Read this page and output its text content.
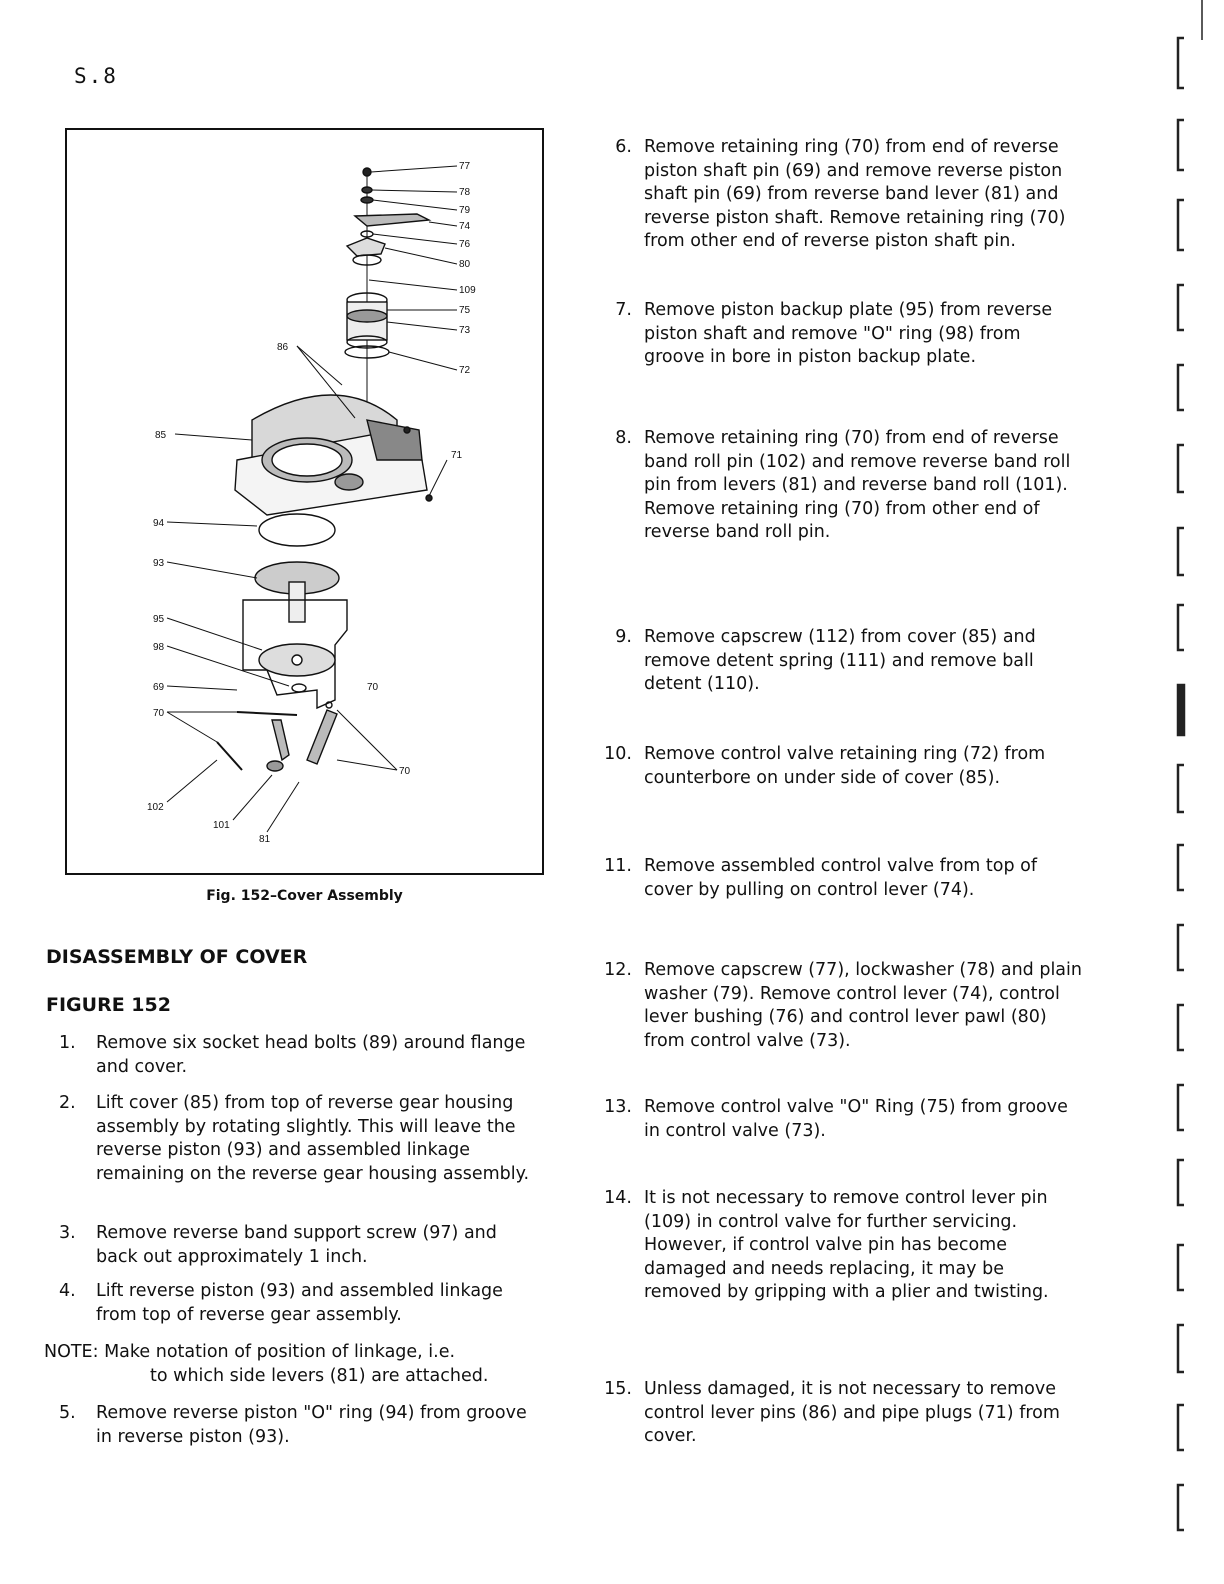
S.8
77
78
79
74
76
80
109
75
73
72
86
85
71
94
93
95
98
69
70
70
102
101
81
70
Fig. 152–Cover Assembly
DISASSEMBLY OF COVER
FIGURE 152
1. Remove six socket head bolts (89) around flange and cover.
2. Lift cover (85) from top of reverse gear housing assembly by rotating slightly. This will leave the reverse piston (93) and assembled linkage remaining on the reverse gear housing assembly.
3. Remove reverse band support screw (97) and back out approximately 1 inch.
4. Lift reverse piston (93) and assembled linkage from top of reverse gear assembly.
NOTE: Make notation of position of linkage, i.e.
to which side levers (81) are attached.
5. Remove reverse piston "O" ring (94) from groove in reverse piston (93).
6. Remove retaining ring (70) from end of reverse piston shaft pin (69) and remove reverse piston shaft pin (69) from reverse band lever (81) and reverse piston shaft. Remove retaining ring (70) from other end of reverse piston shaft pin.
7. Remove piston backup plate (95) from reverse piston shaft and remove "O" ring (98) from groove in bore in piston backup plate.
8. Remove retaining ring (70) from end of reverse band roll pin (102) and remove reverse band roll pin from levers (81) and reverse band roll (101). Remove retaining ring (70) from other end of reverse band roll pin.
9. Remove capscrew (112) from cover (85) and remove detent spring (111) and remove ball detent (110).
10. Remove control valve retaining ring (72) from counterbore on under side of cover (85).
11. Remove assembled control valve from top of cover by pulling on control lever (74).
12. Remove capscrew (77), lockwasher (78) and plain washer (79). Remove control lever (74), control lever bushing (76) and control lever pawl (80) from control valve (73).
13. Remove control valve "O" Ring (75) from groove in control valve (73).
14. It is not necessary to remove control lever pin (109) in control valve for further servicing. However, if control valve pin has become damaged and needs replacing, it may be removed by gripping with a plier and twisting.
15. Unless damaged, it is not necessary to remove control lever pins (86) and pipe plugs (71) from cover.
